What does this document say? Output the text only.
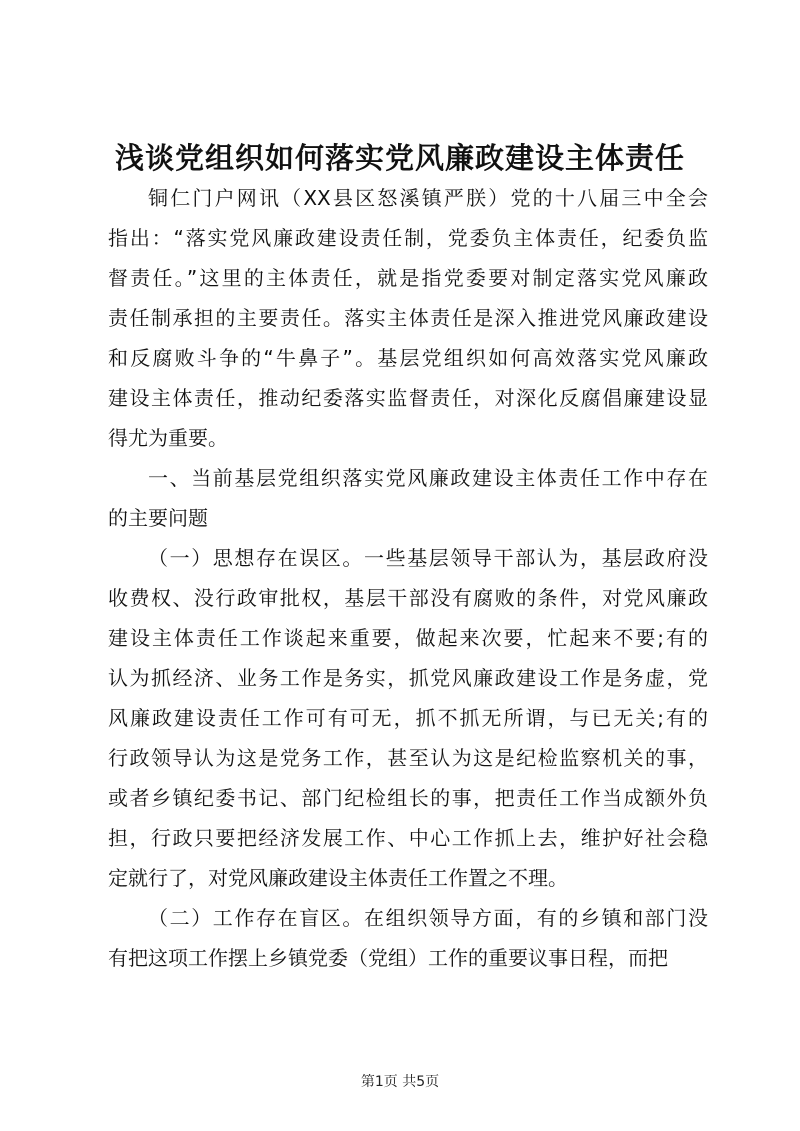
浅谈党组织如何落实党风廉政建设主体责任
铜仁门户网讯（XX县区怒溪镇严朕）党的十八届三中全会
指出：“落实党风廉政建设责任制，党委负主体责任，纪委负监
督责任。”这里的主体责任，就是指党委要对制定落实党风廉政
责任制承担的主要责任。落实主体责任是深入推进党风廉政建设
和反腐败斗争的“牛鼻子”。基层党组织如何高效落实党风廉政
建设主体责任，推动纪委落实监督责任，对深化反腐倡廉建设显
得尤为重要。
一、当前基层党组织落实党风廉政建设主体责任工作中存在
的主要问题
（一）思想存在误区。一些基层领导干部认为，基层政府没
收费权、没行政审批权，基层干部没有腐败的条件，对党风廉政
建设主体责任工作谈起来重要，做起来次要，忙起来不要;有的
认为抓经济、业务工作是务实，抓党风廉政建设工作是务虚，党
风廉政建设责任工作可有可无，抓不抓无所谓，与已无关;有的
行政领导认为这是党务工作，甚至认为这是纪检监察机关的事，
或者乡镇纪委书记、部门纪检组长的事，把责任工作当成额外负
担，行政只要把经济发展工作、中心工作抓上去，维护好社会稳
定就行了，对党风廉政建设主体责任工作置之不理。
（二）工作存在盲区。在组织领导方面，有的乡镇和部门没
有把这项工作摆上乡镇党委（党组）工作的重要议事日程，而把
第1页 共5页
